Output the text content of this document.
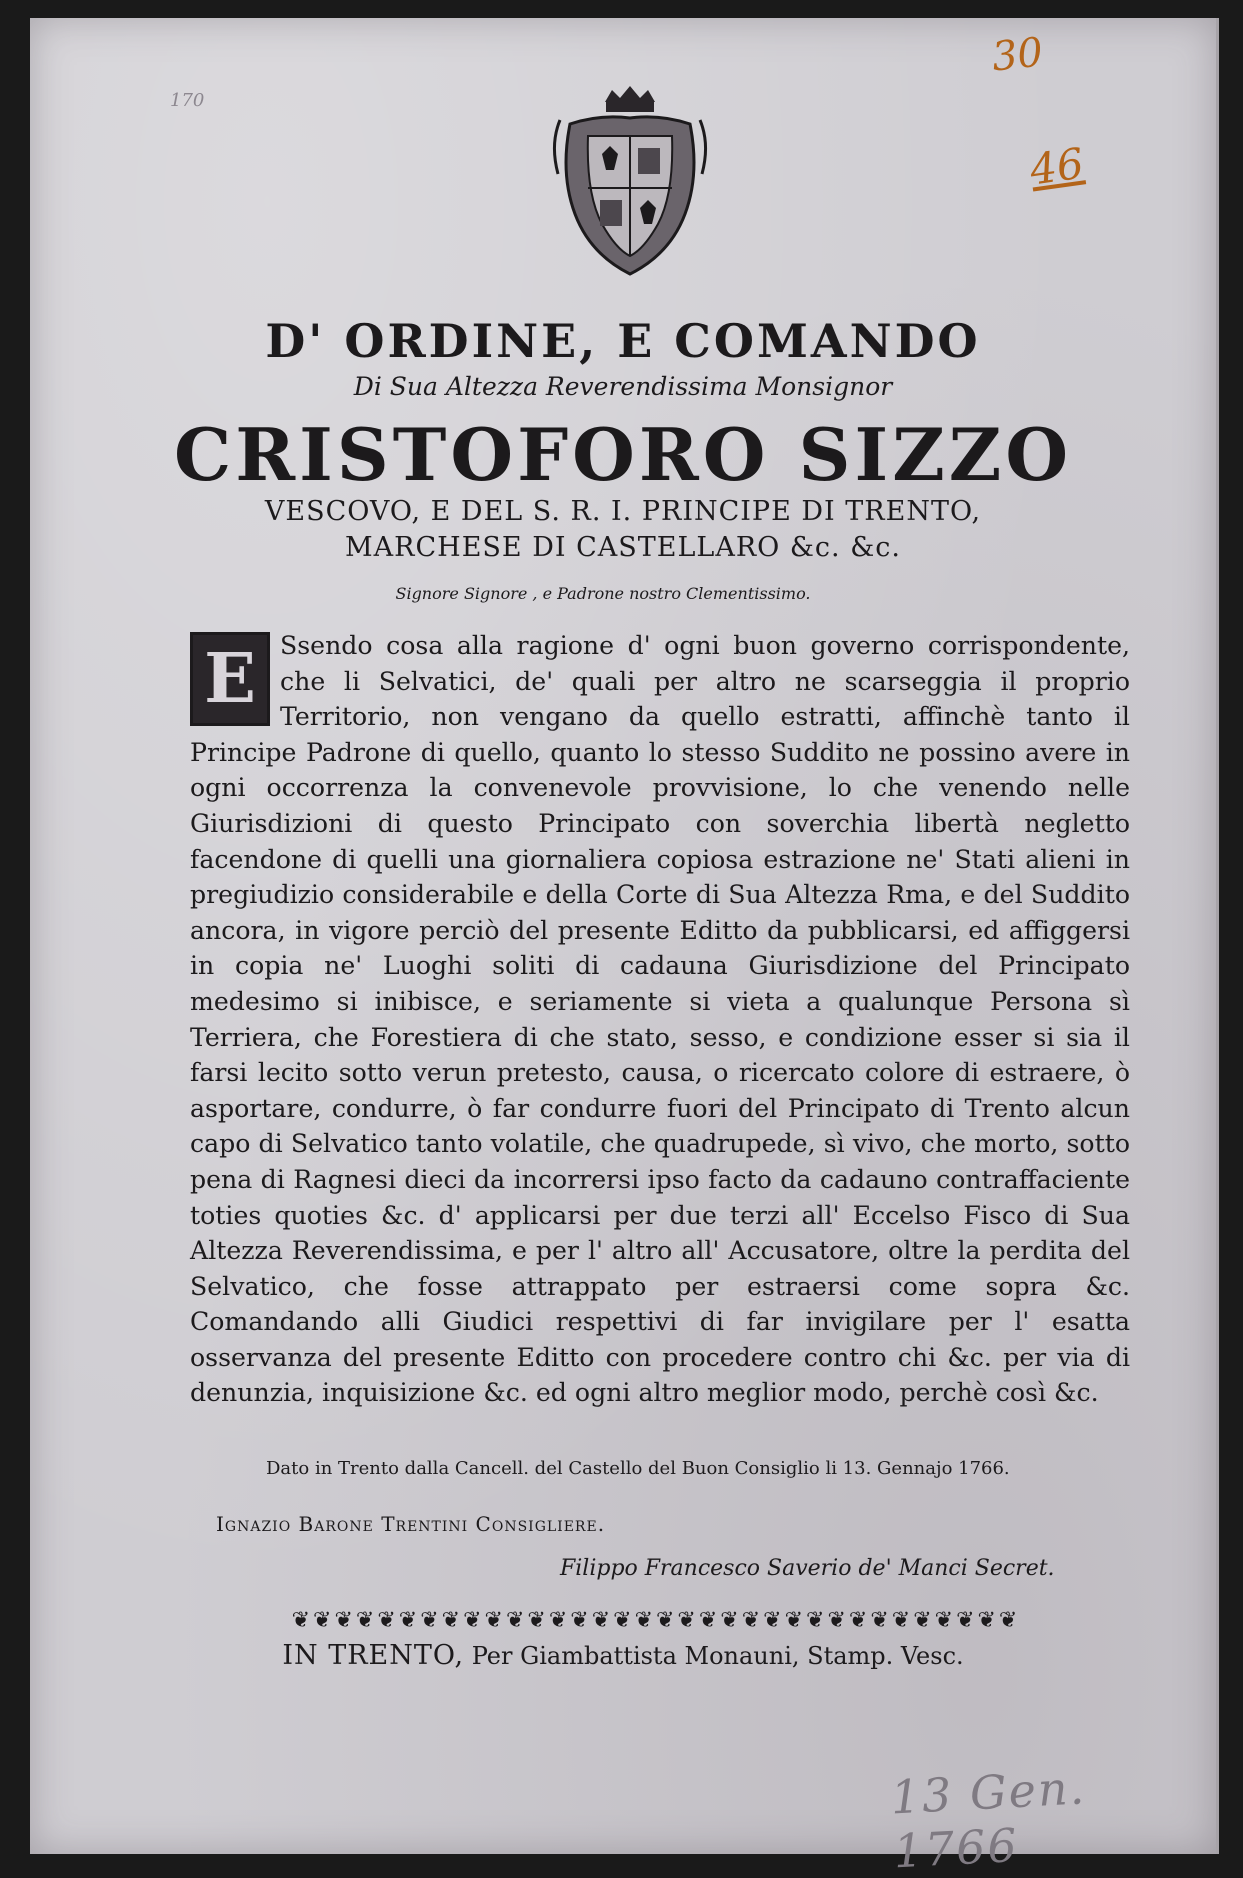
170
30
46
D' ORDINE, E COMANDO
Di Sua Altezza Reverendissima Monsignor
CRISTOFORO SIZZO
VESCOVO, E DEL S. R. I. PRINCIPE DI TRENTO,
MARCHESE DI CASTELLARO &c. &c.
Signore Signore , e Padrone nostro Clementissimo.
E Ssendo cosa alla ragione d' ogni buon governo corrispondente, che li Selvatici, de' quali per altro ne scarseggia il proprio Territorio, non vengano da quello estratti, affinchè tanto il Principe Padrone di quello, quanto lo stesso Suddito ne possino avere in ogni occorrenza la convenevole provvisione, lo che venendo nelle Giurisdizioni di questo Principato con soverchia libertà negletto facendone di quelli una giornaliera copiosa estrazione ne' Stati alieni in pregiudizio considerabile e della Corte di Sua Altezza Rma, e del Suddito ancora, in vigore perciò del presente Editto da pubblicarsi, ed affiggersi in copia ne' Luoghi soliti di cadauna Giurisdizione del Principato medesimo si inibisce, e seriamente si vieta a qualunque Persona sì Terriera, che Forestiera di che stato, sesso, e condizione esser si sia il farsi lecito sotto verun pretesto, causa, o ricercato colore di estraere, ò asportare, condurre, ò far condurre fuori del Principato di Trento alcun capo di Selvatico tanto volatile, che quadrupede, sì vivo, che morto, sotto pena di Ragnesi dieci da incorrersi ipso facto da cadauno contraffaciente toties quoties &c. d' applicarsi per due terzi all' Eccelso Fisco di Sua Altezza Reverendissima, e per l' altro all' Accusatore, oltre la perdita del Selvatico, che fosse attrappato per estraersi come sopra &c. Comandando alli Giudici respettivi di far invigilare per l' esatta osservanza del presente Editto con procedere contro chi &c. per via di denunzia, inquisizione &c. ed ogni altro meglior modo, perchè così &c.
Dato in Trento dalla Cancell. del Castello del Buon Consiglio li 13. Gennajo 1766.
Ignazio Barone Trentini Consigliere.
Filippo Francesco Saverio de' Manci Secret.
❦❦❦❦❦❦❦❦❦❦❦❦❦❦❦❦❦❦❦❦❦❦❦❦❦❦❦❦❦❦❦❦❦❦
IN TRENTO, Per Giambattista Monauni, Stamp. Vesc.
13 Gen. 1766
